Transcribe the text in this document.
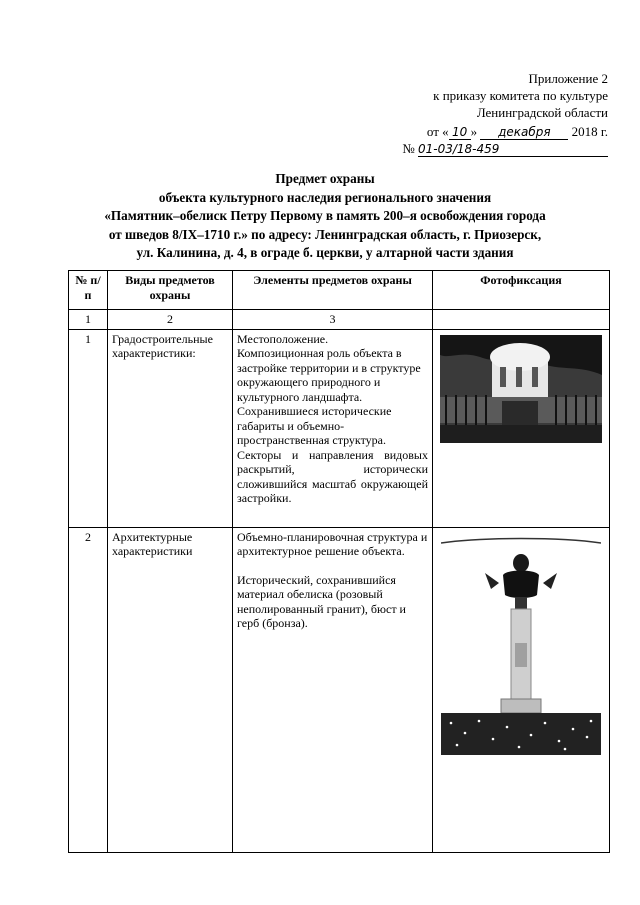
Приложение 2
к приказу комитета по культуре
Ленинградской области
от « 10 » декабря 2018 г.
№ 01-03/18-459
Предмет охраны
объекта культурного наследия регионального значения
«Памятник–обелиск Петру Первому в память 200–я освобождения города
от шведов 8/IX–1710 г.» по адресу: Ленинградская область, г. Приозерск,
ул. Калинина, д. 4, в ограде б. церкви, у алтарной части здания
№ п/п	Виды предметов охраны	Элементы предметов охраны	Фотофиксация
1	2	3	
1	Градостроительные характеристики:	Местоположение.
Композиционная роль объекта в застройке территории и в структуре окружающего природного и культурного ландшафта.
Сохранившиеся исторические габариты и объемно-пространственная структура.
Секторы и направления видовых раскрытий, исторически сложившийся масштаб окружающей застройки.

2	Архитектурные характеристики	Объемно-планировочная структура и архитектурное решение объекта.
Исторический, сохранившийся материал обелиска (розовый неполированный гранит), бюст и герб (бронза).
